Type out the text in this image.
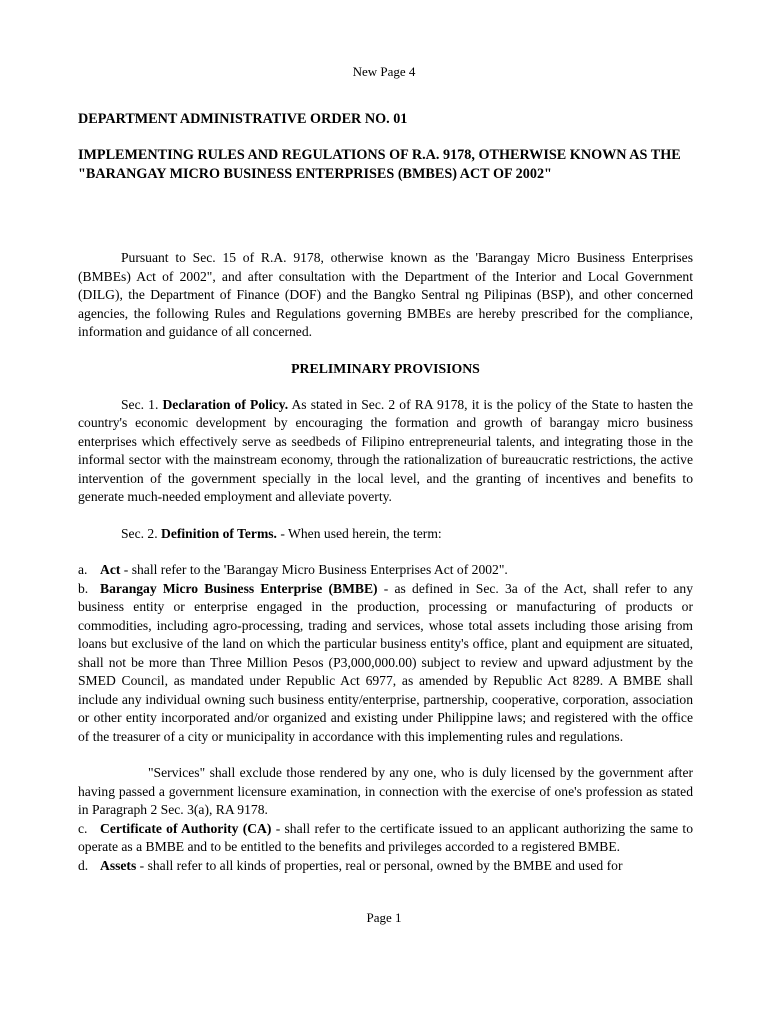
New Page 4

DEPARTMENT ADMINISTRATIVE ORDER NO. 01

IMPLEMENTING RULES AND REGULATIONS OF R.A. 9178, OTHERWISE KNOWN AS THE "BARANGAY MICRO BUSINESS ENTERPRISES (BMBES) ACT OF 2002"

Pursuant to Sec. 15 of R.A. 9178, otherwise known as the 'Barangay Micro Business Enterprises (BMBEs) Act of 2002", and after consultation with the Department of the Interior and Local Government (DILG), the Department of Finance (DOF) and the Bangko Sentral ng Pilipinas (BSP), and other concerned agencies, the following Rules and Regulations governing BMBEs are hereby prescribed for the compliance, information and guidance of all concerned.

PRELIMINARY PROVISIONS

Sec. 1. Declaration of Policy. As stated in Sec. 2 of RA 9178, it is the policy of the State to hasten the country's economic development by encouraging the formation and growth of barangay micro business enterprises which effectively serve as seedbeds of Filipino entrepreneurial talents, and integrating those in the informal sector with the mainstream economy, through the rationalization of bureaucratic restrictions, the active intervention of the government specially in the local level, and the granting of incentives and benefits to generate much-needed employment and alleviate poverty.

Sec. 2. Definition of Terms. - When used herein, the term:

a. Act - shall refer to the 'Barangay Micro Business Enterprises Act of 2002".

b. Barangay Micro Business Enterprise (BMBE) - as defined in Sec. 3a of the Act, shall refer to any business entity or enterprise engaged in the production, processing or manufacturing of products or commodities, including agro-processing, trading and services, whose total assets including those arising from loans but exclusive of the land on which the particular business entity's office, plant and equipment are situated, shall not be more than Three Million Pesos (P3,000,000.00) subject to review and upward adjustment by the SMED Council, as mandated under Republic Act 6977, as amended by Republic Act 8289. A BMBE shall include any individual owning such business entity/enterprise, partnership, cooperative, corporation, association or other entity incorporated and/or organized and existing under Philippine laws; and registered with the office of the treasurer of a city or municipality in accordance with this implementing rules and regulations.

"Services" shall exclude those rendered by any one, who is duly licensed by the government after having passed a government licensure examination, in connection with the exercise of one's profession as stated in Paragraph 2 Sec. 3(a), RA 9178.

c. Certificate of Authority (CA) - shall refer to the certificate issued to an applicant authorizing the same to operate as a BMBE and to be entitled to the benefits and privileges accorded to a registered BMBE.

d. Assets - shall refer to all kinds of properties, real or personal, owned by the BMBE and used for

Page 1
